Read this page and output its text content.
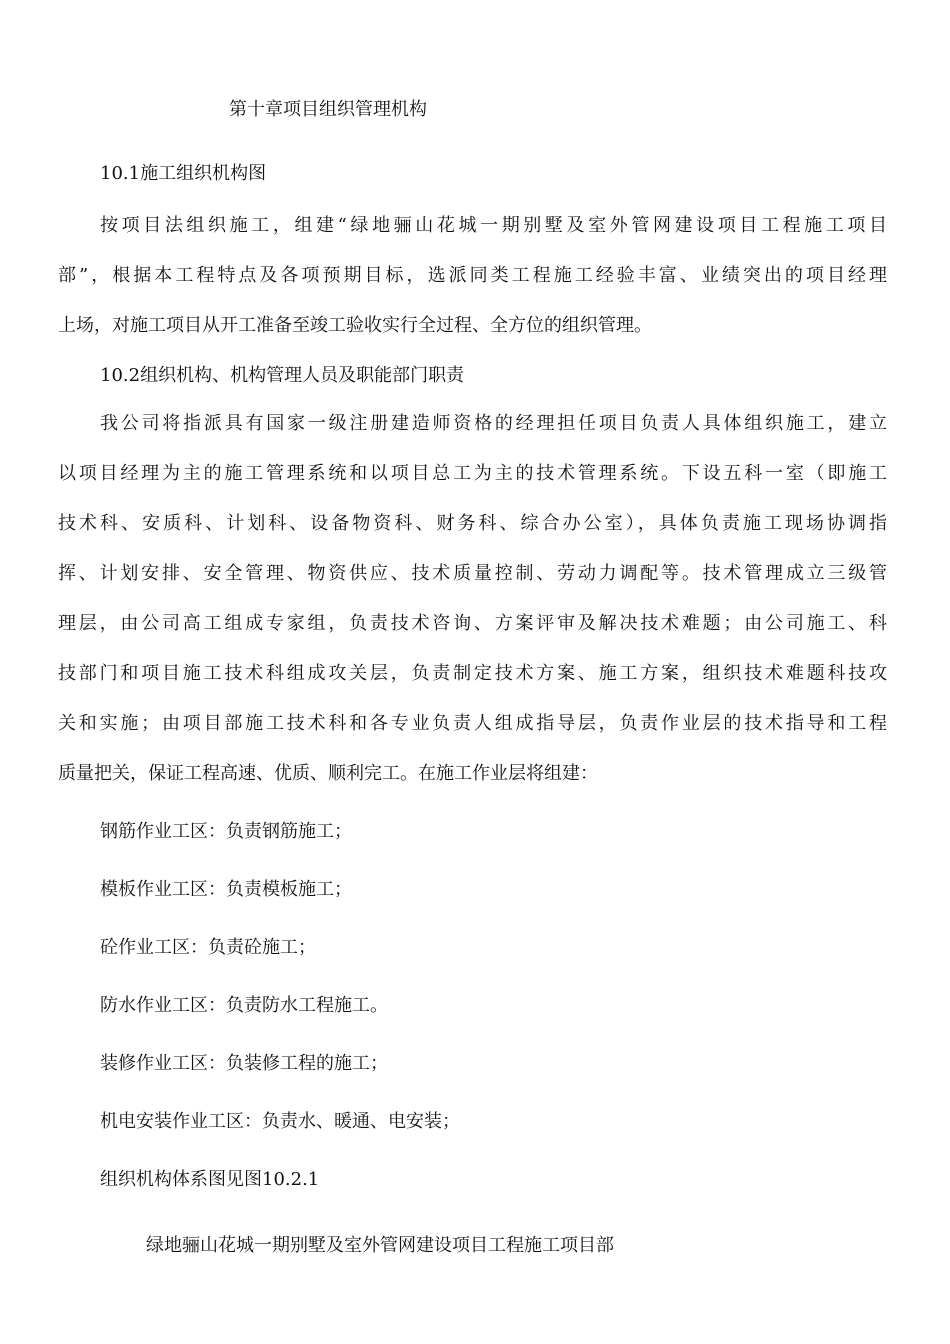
第十章项目组织管理机构

10.1施工组织机构图

按项目法组织施工，组建“绿地骊山花城一期别墅及室外管网建设项目工程施工项目

部”，根据本工程特点及各项预期目标，选派同类工程施工经验丰富、业绩突出的项目经理

上场，对施工项目从开工准备至竣工验收实行全过程、全方位的组织管理。

10.2组织机构、机构管理人员及职能部门职责

我公司将指派具有国家一级注册建造师资格的经理担任项目负责人具体组织施工，建立

以项目经理为主的施工管理系统和以项目总工为主的技术管理系统。下设五科一室（即施工

技术科、安质科、计划科、设备物资科、财务科、综合办公室），具体负责施工现场协调指

挥、计划安排、安全管理、物资供应、技术质量控制、劳动力调配等。技术管理成立三级管

理层，由公司高工组成专家组，负责技术咨询、方案评审及解决技术难题；由公司施工、科

技部门和项目施工技术科组成攻关层，负责制定技术方案、施工方案，组织技术难题科技攻

关和实施；由项目部施工技术科和各专业负责人组成指导层，负责作业层的技术指导和工程

质量把关，保证工程高速、优质、顺利完工。在施工作业层将组建：

钢筋作业工区：负责钢筋施工；

模板作业工区：负责模板施工；

砼作业工区：负责砼施工；

防水作业工区：负责防水工程施工。

装修作业工区：负装修工程的施工；

机电安装作业工区：负责水、暖通、电安装；

组织机构体系图见图10.2.1

绿地骊山花城一期别墅及室外管网建设项目工程施工项目部
